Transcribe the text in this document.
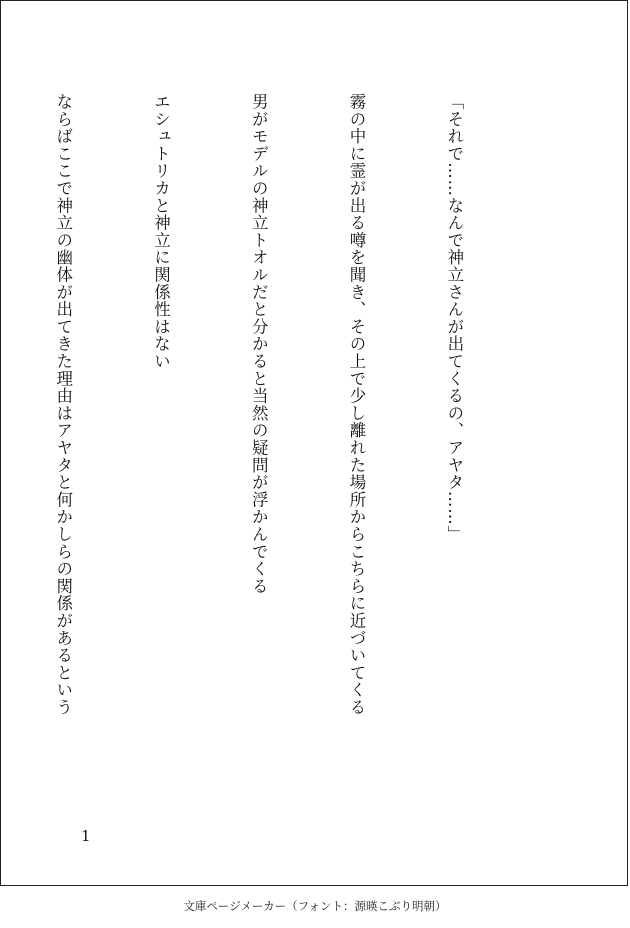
「それで……なんで神立さんが出てくるの、アヤタ……」

霧の中に霊が出る噂を聞き、その上で少し離れた場所からこちらに近づいてくる

男がモデルの神立トオルだと分かると当然の疑問が浮かんでくる

エシュトリカと神立に関係性はない

ならばここで神立の幽体が出てきた理由はアヤタと何かしらの関係があるという

1
文庫ページメーカー（フォント：源暎こぶり明朝）
